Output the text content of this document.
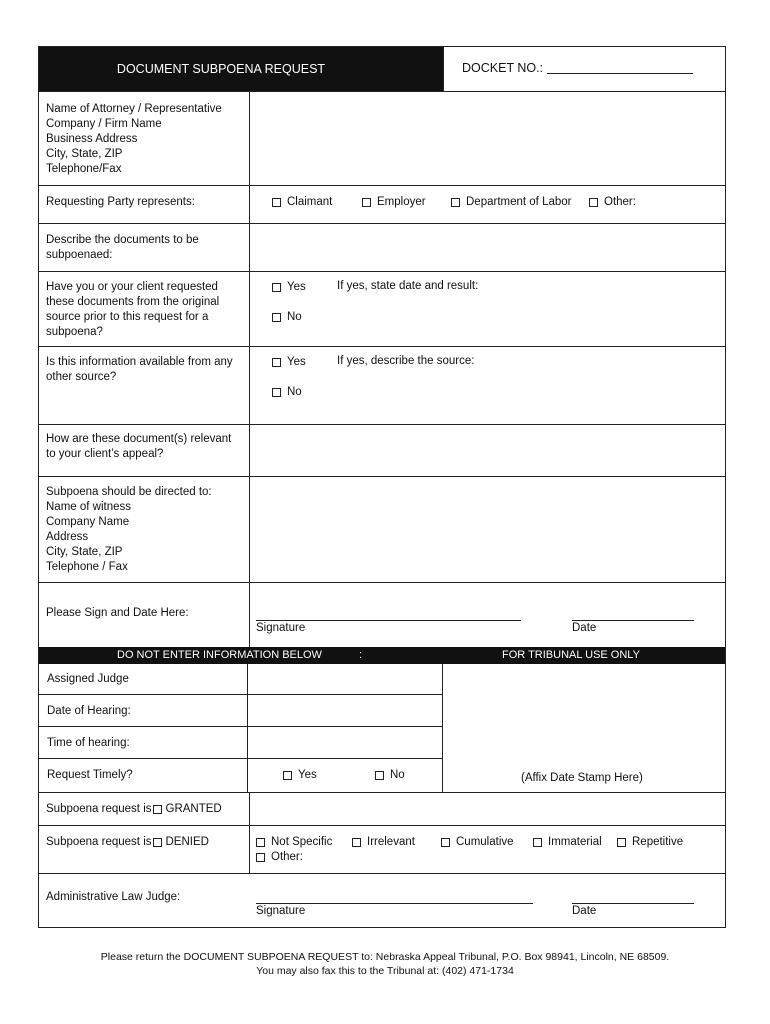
DOCUMENT SUBPOENA REQUEST	DOCKET NO.:
Name of Attorney / Representative
Company / Firm Name
Business Address
City, State, ZIP
Telephone/Fax
Requesting Party represents:	Claimant	Employer	Department of Labor	Other:
Describe the documents to be
subpoenaed:
Have you or your client requested
these documents from the original
source prior to this request for a
subpoena?
Yes	If yes, state date and result:
No
Is this information available from any
other source?
Yes	If yes, describe the source:
No
How are these document(s) relevant
to your client’s appeal?
Subpoena should be directed to:
Name of witness
Company Name
Address
City, State, ZIP
Telephone / Fax
Please Sign and Date Here:
Signature	Date
DO NOT ENTER INFORMATION BELOW	:	FOR TRIBUNAL USE ONLY
Assigned Judge
Date of Hearing:
Time of hearing:
Request Timely?	Yes	No	(Affix Date Stamp Here)
Subpoena request is GRANTED
Subpoena request is DENIED	Not Specific	Irrelevant	Cumulative	Immaterial	Repetitive
Other:
Administrative Law Judge:
Signature	Date
Please return the DOCUMENT SUBPOENA REQUEST to: Nebraska Appeal Tribunal, P.O. Box 98941, Lincoln, NE 68509.
You may also fax this to the Tribunal at: (402) 471-1734
